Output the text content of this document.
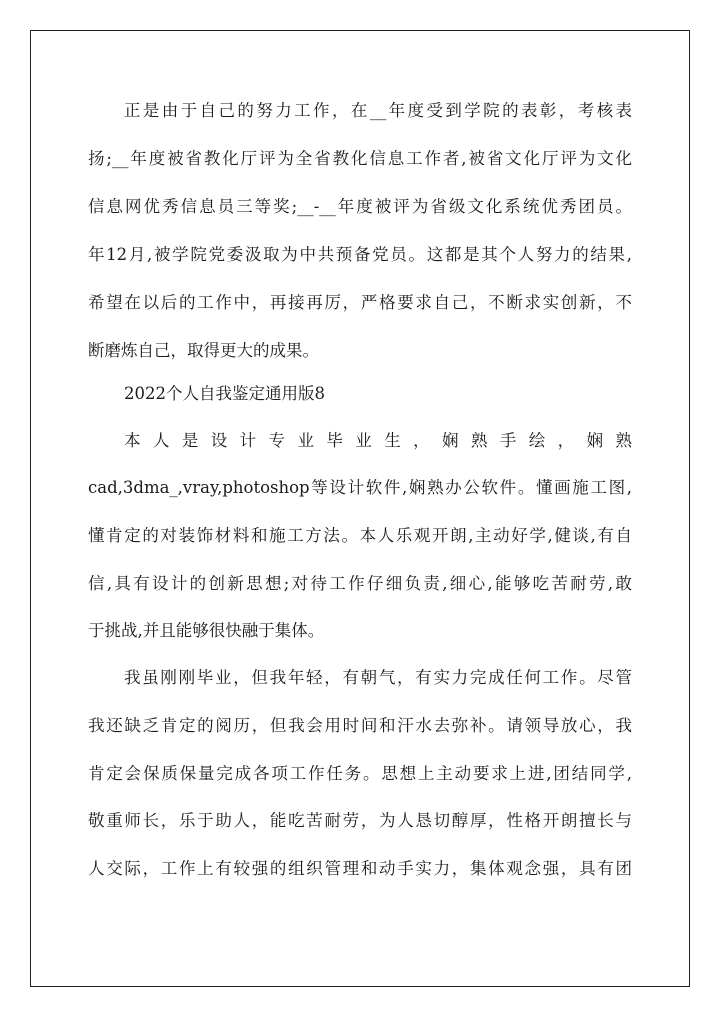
正是由于自己的努力工作，在__年度受到学院的表彰，考核表
扬;__年度被省教化厅评为全省教化信息工作者,被省文化厅评为文化
信息网优秀信息员三等奖;__-__年度被评为省级文化系统优秀团员。
年12月,被学院党委汲取为中共预备党员。这都是其个人努力的结果,
希望在以后的工作中，再接再厉，严格要求自己，不断求实创新，不
断磨炼自己，取得更大的成果。
2022个人自我鉴定通用版8
本人是设计专业毕业生，娴熟手绘，娴熟
cad,3dma_,vray,photoshop等设计软件,娴熟办公软件。懂画施工图,
懂肯定的对装饰材料和施工方法。本人乐观开朗,主动好学,健谈,有自
信,具有设计的创新思想;对待工作仔细负责,细心,能够吃苦耐劳,敢
于挑战,并且能够很快融于集体。
我虽刚刚毕业，但我年轻，有朝气，有实力完成任何工作。尽管
我还缺乏肯定的阅历，但我会用时间和汗水去弥补。请领导放心，我
肯定会保质保量完成各项工作任务。思想上主动要求上进,团结同学,
敬重师长，乐于助人，能吃苦耐劳，为人恳切醇厚，性格开朗擅长与
人交际，工作上有较强的组织管理和动手实力，集体观念强，具有团
